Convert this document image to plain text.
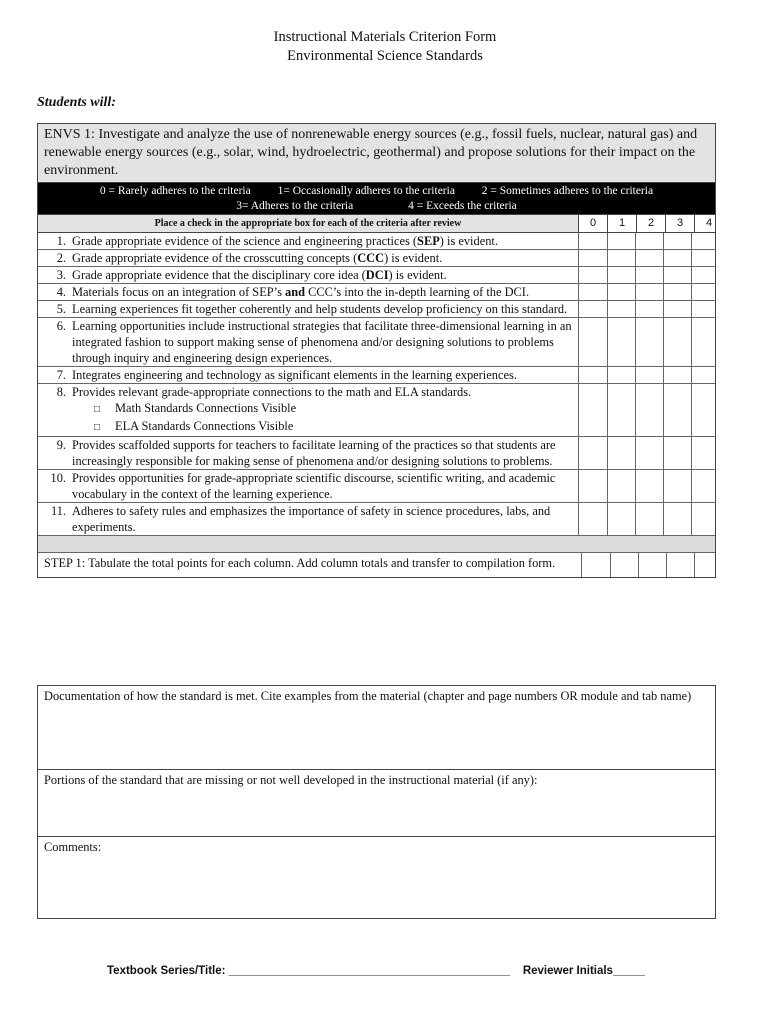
Instructional Materials Criterion Form
Environmental Science Standards
Students will:
ENVS 1: Investigate and analyze the use of nonrenewable energy sources (e.g., fossil fuels, nuclear, natural gas) and renewable energy sources (e.g., solar, wind, hydroelectric, geothermal) and propose solutions for their impact on the environment.
0 = Rarely adheres to the criteria 1= Occasionally adheres to the criteria 2 = Sometimes adheres to the criteria
3= Adheres to the criteria	4 = Exceeds the criteria
Place a check in the appropriate box for each of the criteria after review	0	1	2	3	4
1. Grade appropriate evidence of the science and engineering practices (SEP) is evident.
2. Grade appropriate evidence of the crosscutting concepts (CCC) is evident.
3. Grade appropriate evidence that the disciplinary core idea (DCI) is evident.
4. Materials focus on an integration of SEP’s and CCC’s into the in-depth learning of the DCI.
5. Learning experiences fit together coherently and help students develop proficiency on this standard.
6. Learning opportunities include instructional strategies that facilitate three-dimensional learning in an integrated fashion to support making sense of phenomena and/or designing solutions to problems through inquiry and engineering design experiences.
7. Integrates engineering and technology as significant elements in the learning experiences.
8. Provides relevant grade-appropriate connections to the math and ELA standards.
□ Math Standards Connections Visible
□ ELA Standards Connections Visible
9. Provides scaffolded supports for teachers to facilitate learning of the practices so that students are increasingly responsible for making sense of phenomena and/or designing solutions to problems.
10. Provides opportunities for grade-appropriate scientific discourse, scientific writing, and academic vocabulary in the context of the learning experience.
11. Adheres to safety rules and emphasizes the importance of safety in science procedures, labs, and experiments.
STEP 1: Tabulate the total points for each column. Add column totals and transfer to compilation form.
Documentation of how the standard is met. Cite examples from the material (chapter and page numbers OR module and tab name)
Portions of the standard that are missing or not well developed in the instructional material (if any):
Comments:
Textbook Series/Title: ____________________________________________    Reviewer Initials_____
